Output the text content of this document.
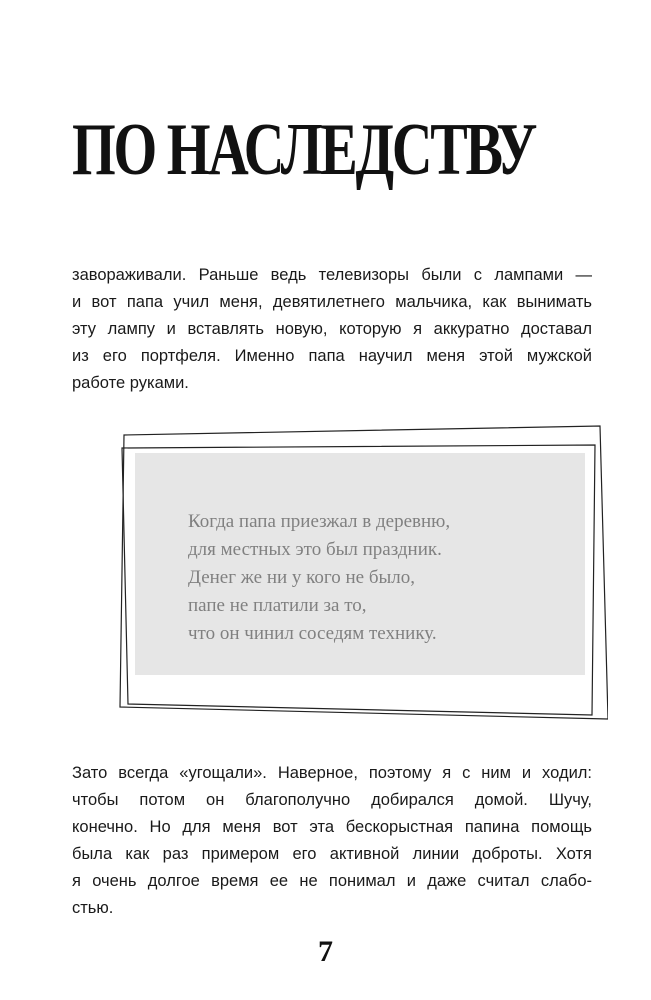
ПО НАСЛЕДСТВУ

завораживали. Раньше ведь телевизоры были с лампами —
и вот папа учил меня, девятилетнего мальчика, как вынимать
эту лампу и вставлять новую, которую я аккуратно доставал
из его портфеля. Именно папа научил меня этой мужской
работе руками.

Когда папа приезжал в деревню,
для местных это был праздник.
Денег же ни у кого не было,
папе не платили за то,
что он чинил соседям технику.

Зато всегда «угощали». Наверное, поэтому я с ним и ходил:
чтобы потом он благополучно добирался домой. Шучу,
конечно. Но для меня вот эта бескорыстная папина помощь
была как раз примером его активной линии доброты. Хотя
я очень долгое время ее не понимал и даже считал слабо-
стью.

7
